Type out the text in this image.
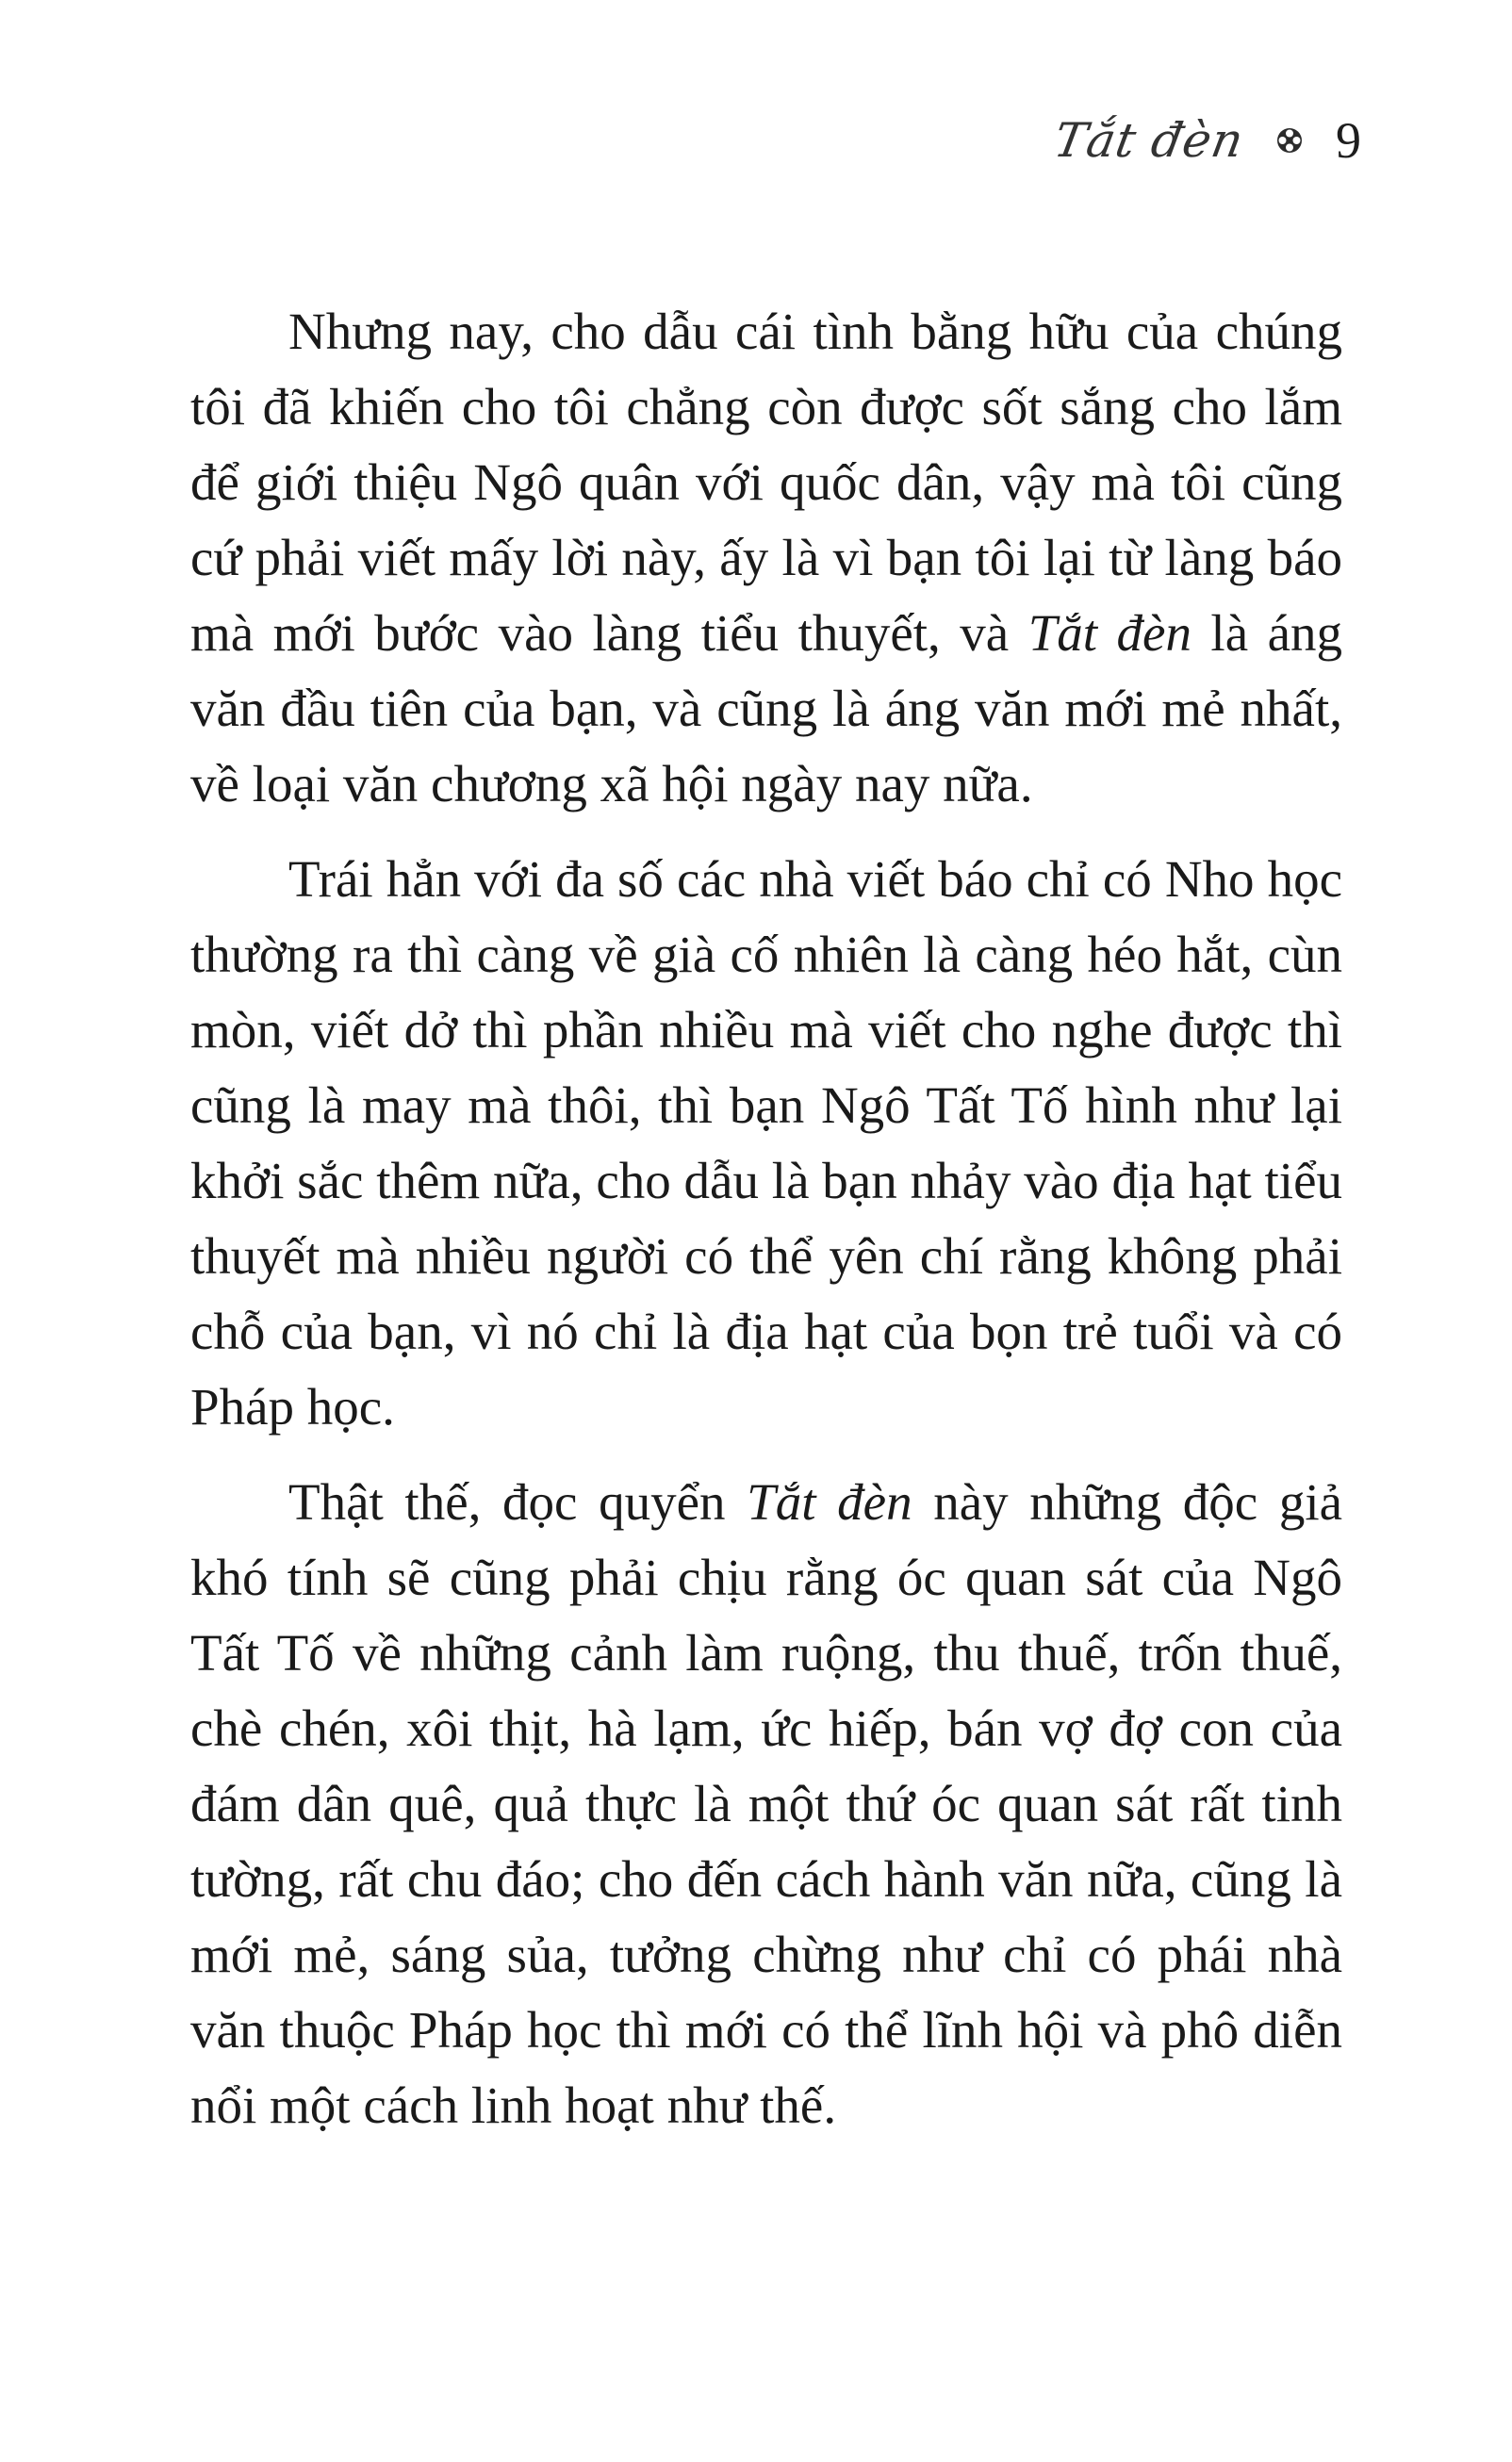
Tắt đèn 9

Nhưng nay, cho dẫu cái tình bằng hữu của chúng tôi đã khiến cho tôi chẳng còn được sốt sắng cho lắm để giới thiệu Ngô quân với quốc dân, vậy mà tôi cũng cứ phải viết mấy lời này, ấy là vì bạn tôi lại từ làng báo mà mới bước vào làng tiểu thuyết, và Tắt đèn là áng văn đầu tiên của bạn, và cũng là áng văn mới mẻ nhất, về loại văn chương xã hội ngày nay nữa.

Trái hẳn với đa số các nhà viết báo chỉ có Nho học thường ra thì càng về già cố nhiên là càng héo hắt, cùn mòn, viết dở thì phần nhiều mà viết cho nghe được thì cũng là may mà thôi, thì bạn Ngô Tất Tố hình như lại khởi sắc thêm nữa, cho dẫu là bạn nhảy vào địa hạt tiểu thuyết mà nhiều người có thể yên chí rằng không phải chỗ của bạn, vì nó chỉ là địa hạt của bọn trẻ tuổi và có Pháp học.

Thật thế, đọc quyển Tắt đèn này những độc giả khó tính sẽ cũng phải chịu rằng óc quan sát của Ngô Tất Tố về những cảnh làm ruộng, thu thuế, trốn thuế, chè chén, xôi thịt, hà lạm, ức hiếp, bán vợ đợ con của đám dân quê, quả thực là một thứ óc quan sát rất tinh tường, rất chu đáo; cho đến cách hành văn nữa, cũng là mới mẻ, sáng sủa, tưởng chừng như chỉ có phái nhà văn thuộc Pháp học thì mới có thể lĩnh hội và phô diễn nổi một cách linh hoạt như thế.
